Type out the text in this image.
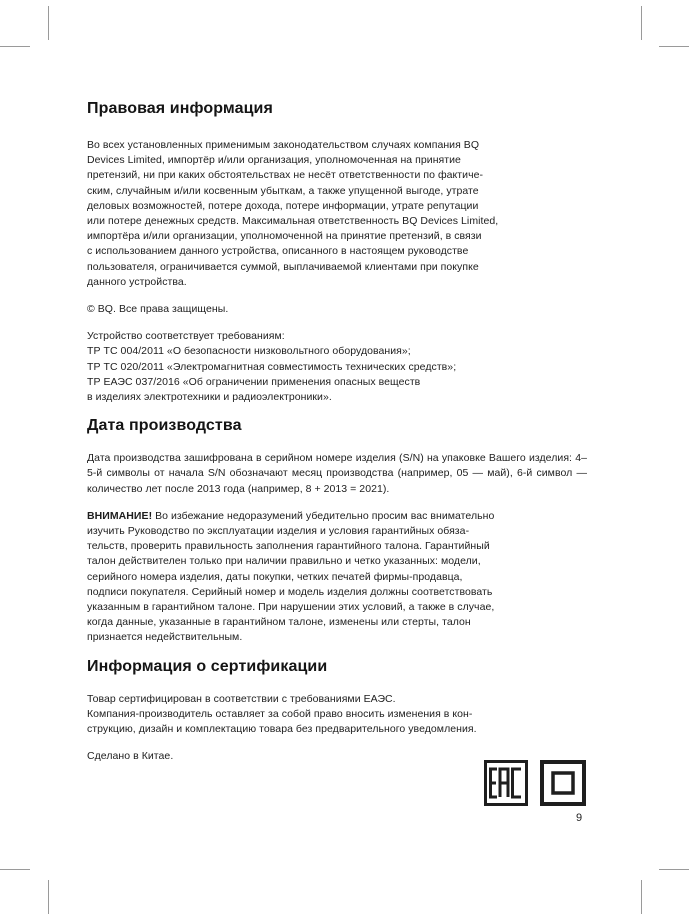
Правовая информация

Во всех установленных применимым законодательством случаях компания BQ

Devices Limited, импортёр и/или организация, уполномоченная на принятие

претензий, ни при каких обстоятельствах не несёт ответственности по фактиче-

ским, случайным и/или косвенным убыткам, а также упущенной выгоде, утрате

деловых возможностей, потере дохода, потере информации, утрате репутации

или потере денежных средств. Максимальная ответственность BQ Devices Limited,

импортёра и/или организации, уполномоченной на принятие претензий, в связи

с использованием данного устройства, описанного в настоящем руководстве

пользователя, ограничивается суммой, выплачиваемой клиентами при покупке

данного устройства.

© BQ. Все права защищены.

Устройство соответствует требованиям:

ТР ТС 004/2011 «О безопасности низковольтного оборудования»;

ТР ТС 020/2011 «Электромагнитная совместимость технических средств»;

ТР ЕАЭС 037/2016 «Об ограничении применения опасных веществ

в изделиях электротехники и радиоэлектроники».

Дата производства

Дата производства зашифрована в серийном номере изделия (S/N) на упаковке Вашего изделия: 4–5-й символы от начала S/N обозначают месяц производства (например, 05 — май), 6-й символ — количество лет после 2013 года (например, 8 + 2013 = 2021).

ВНИМАНИЕ! Во избежание недоразумений убедительно просим вас внимательно

изучить Руководство по эксплуатации изделия и условия гарантийных обяза-

тельств, проверить правильность заполнения гарантийного талона. Гарантийный

талон действителен только при наличии правильно и четко указанных: модели,

серийного номера изделия, даты покупки, четких печатей фирмы-продавца,

подписи покупателя. Серийный номер и модель изделия должны соответствовать

указанным в гарантийном талоне. При нарушении этих условий, а также в случае,

когда данные, указанные в гарантийном талоне, изменены или стерты, талон

признается недействительным.

Информация о сертификации

Товар сертифицирован в соответствии с требованиями ЕАЭС.

Компания-производитель оставляет за собой право вносить изменения в кон-

струкцию, дизайн и комплектацию товара без предварительного уведомления.

Сделано в Китае.

9
